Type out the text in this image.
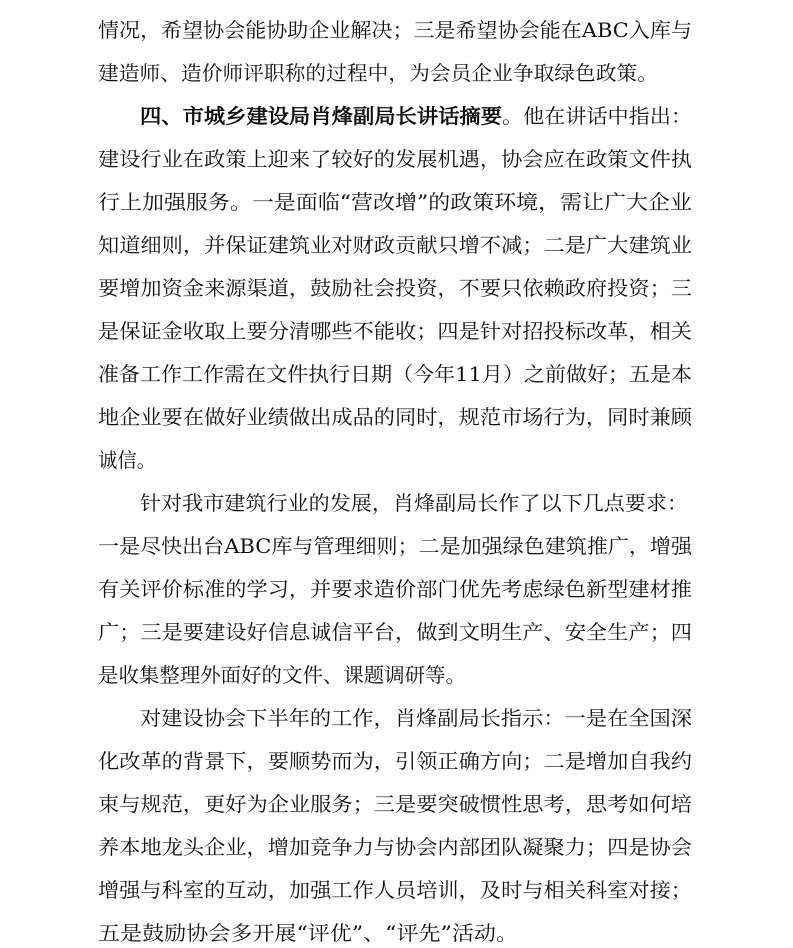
情况，希望协会能协助企业解决；三是希望协会能在ABC入库与
建造师、造价师评职称的过程中，为会员企业争取绿色政策。
四、市城乡建设局肖烽副局长讲话摘要 。他在讲话中指出：
建设行业在政策上迎来了较好的发展机遇，协会应在政策文件执
行上加强服务。一是面临“营改增”的政策环境，需让广大企业
知道细则，并保证建筑业对财政贡献只增不减；二是广大建筑业
要增加资金来源渠道，鼓励社会投资，不要只依赖政府投资；三
是保证金收取上要分清哪些不能收；四是针对招投标改革，相关
准备工作工作需在文件执行日期（今年11月）之前做好；五是本
地企业要在做好业绩做出成品的同时，规范市场行为，同时兼顾
诚信。
针对我市建筑行业的发展，肖烽副局长作了以下几点要求：
一是尽快出台ABC库与管理细则；二是加强绿色建筑推广，增强
有关评价标准的学习，并要求造价部门优先考虑绿色新型建材推
广；三是要建设好信息诚信平台，做到文明生产、安全生产；四
是收集整理外面好的文件、课题调研等。
对建设协会下半年的工作，肖烽副局长指示：一是在全国深
化改革的背景下，要顺势而为，引领正确方向；二是增加自我约
束与规范，更好为企业服务；三是要突破惯性思考，思考如何培
养本地龙头企业，增加竞争力与协会内部团队凝聚力；四是协会
增强与科室的互动，加强工作人员培训，及时与相关科室对接；
五是鼓励协会多开展“评优”、“评先”活动。
